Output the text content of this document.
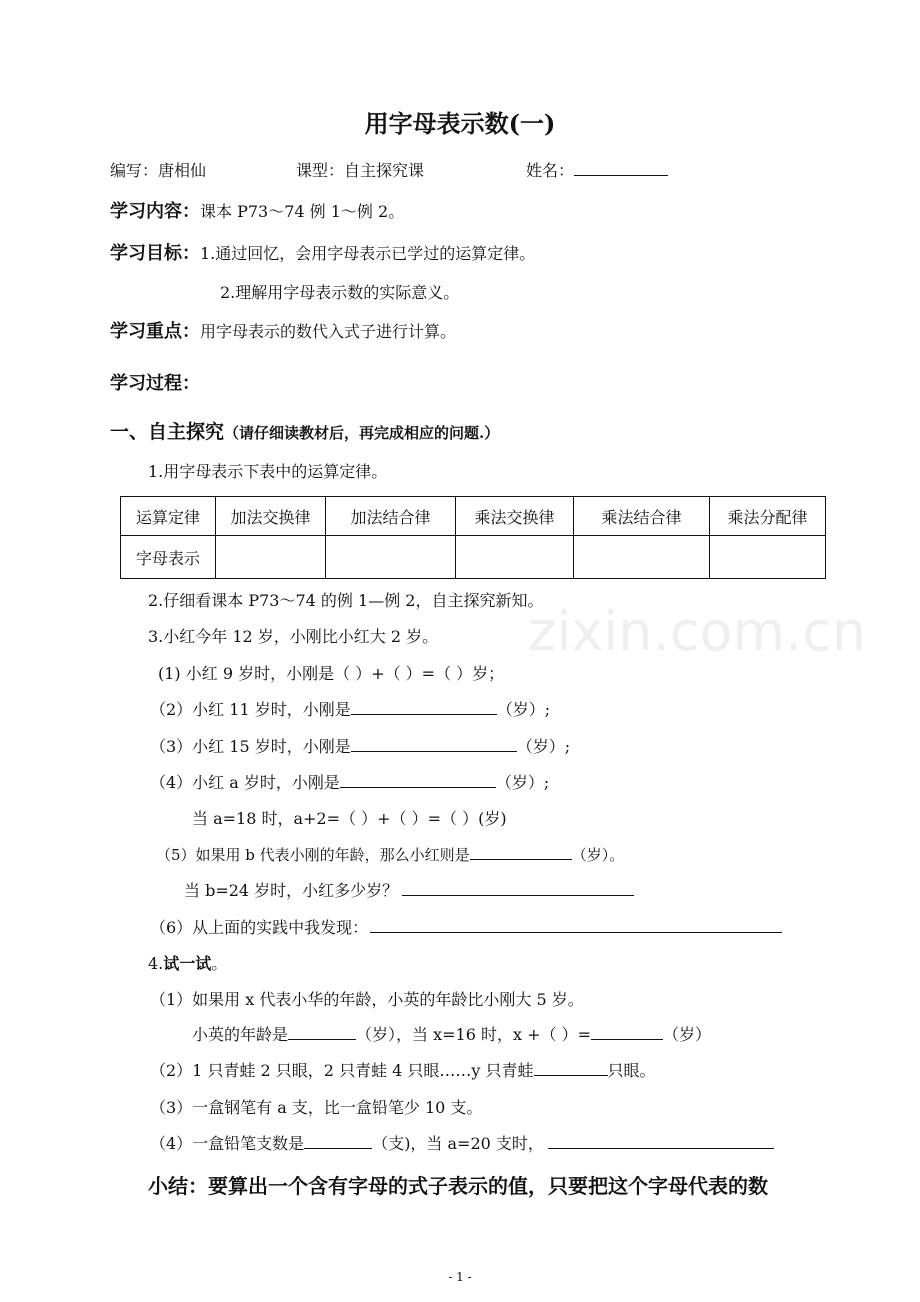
zixin.com.cn
用字母表示数(一)
编写：唐相仙	课型：自主探究课	姓名：
学习内容：课本 P73～74 例 1～例 2。
学习目标：1.通过回忆，会用字母表示已学过的运算定律。
2.理解用字母表示数的实际意义。
学习重点：用字母表示的数代入式子进行计算。
学习过程：
一、自主探究（请仔细读教材后，再完成相应的问题.）
1.用字母表示下表中的运算定律。
运算定律	加法交换律	加法结合律	乘法交换律	乘法结合律	乘法分配律
字母表示					
2.仔细看课本 P73～74 的例 1—例 2，自主探究新知。
3.小红今年 12 岁，小刚比小红大 2 岁。
(1) 小红 9 岁时，小刚是（ ）+（ ）=（ ）岁；
（2）小红 11 岁时，小刚是	（岁）;
（3）小红 15 岁时，小刚是	（岁）;
（4）小红 a 岁时，小刚是	（岁）;
当 a=18 时，a+2=（ ）+（ ）=（ ）(岁)
（5）如果用 b 代表小刚的年龄，那么小红则是	（岁）。
当 b=24 岁时，小红多少岁？
（6）从上面的实践中我发现：
4.试一试。
（1）如果用 x 代表小华的年龄，小英的年龄比小刚大 5 岁。
小英的年龄是	（岁），当 x=16 时，x +（ ）=	（岁）
（2）1 只青蛙 2 只眼，2 只青蛙 4 只眼……y 只青蛙	只眼。
（3）一盒钢笔有 a 支，比一盒铅笔少 10 支。
（4）一盒铅笔支数是	（支)，当 a=20 支时，
小结：要算出一个含有字母的式子表示的值，只要把这个字母代表的数
- 1 -
